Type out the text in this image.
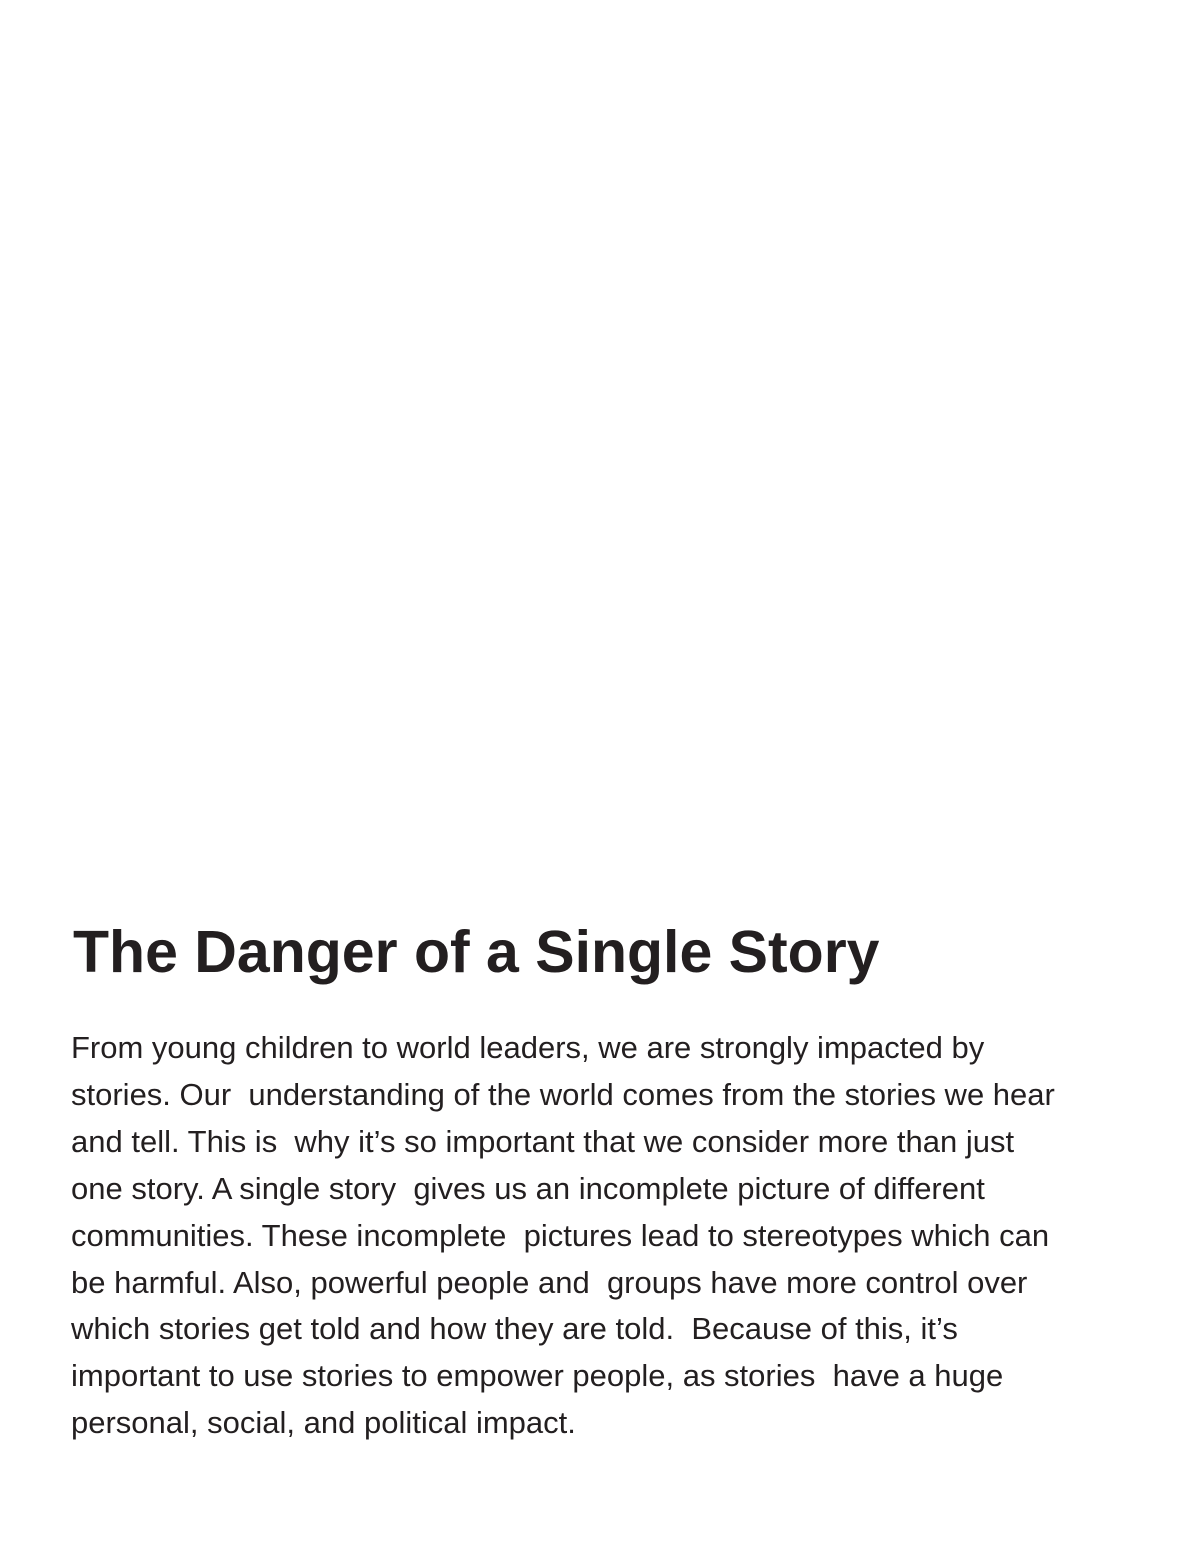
The Danger of a Single Story
From young children to world leaders, we are strongly impacted by
stories. Our  understanding of the world comes from the stories we hear
and tell. This is  why it’s so important that we consider more than just
one story. A single story  gives us an incomplete picture of different
communities. These incomplete  pictures lead to stereotypes which can
be harmful. Also, powerful people and  groups have more control over
which stories get told and how they are told.  Because of this, it’s
important to use stories to empower people, as stories  have a huge
personal, social, and political impact.
